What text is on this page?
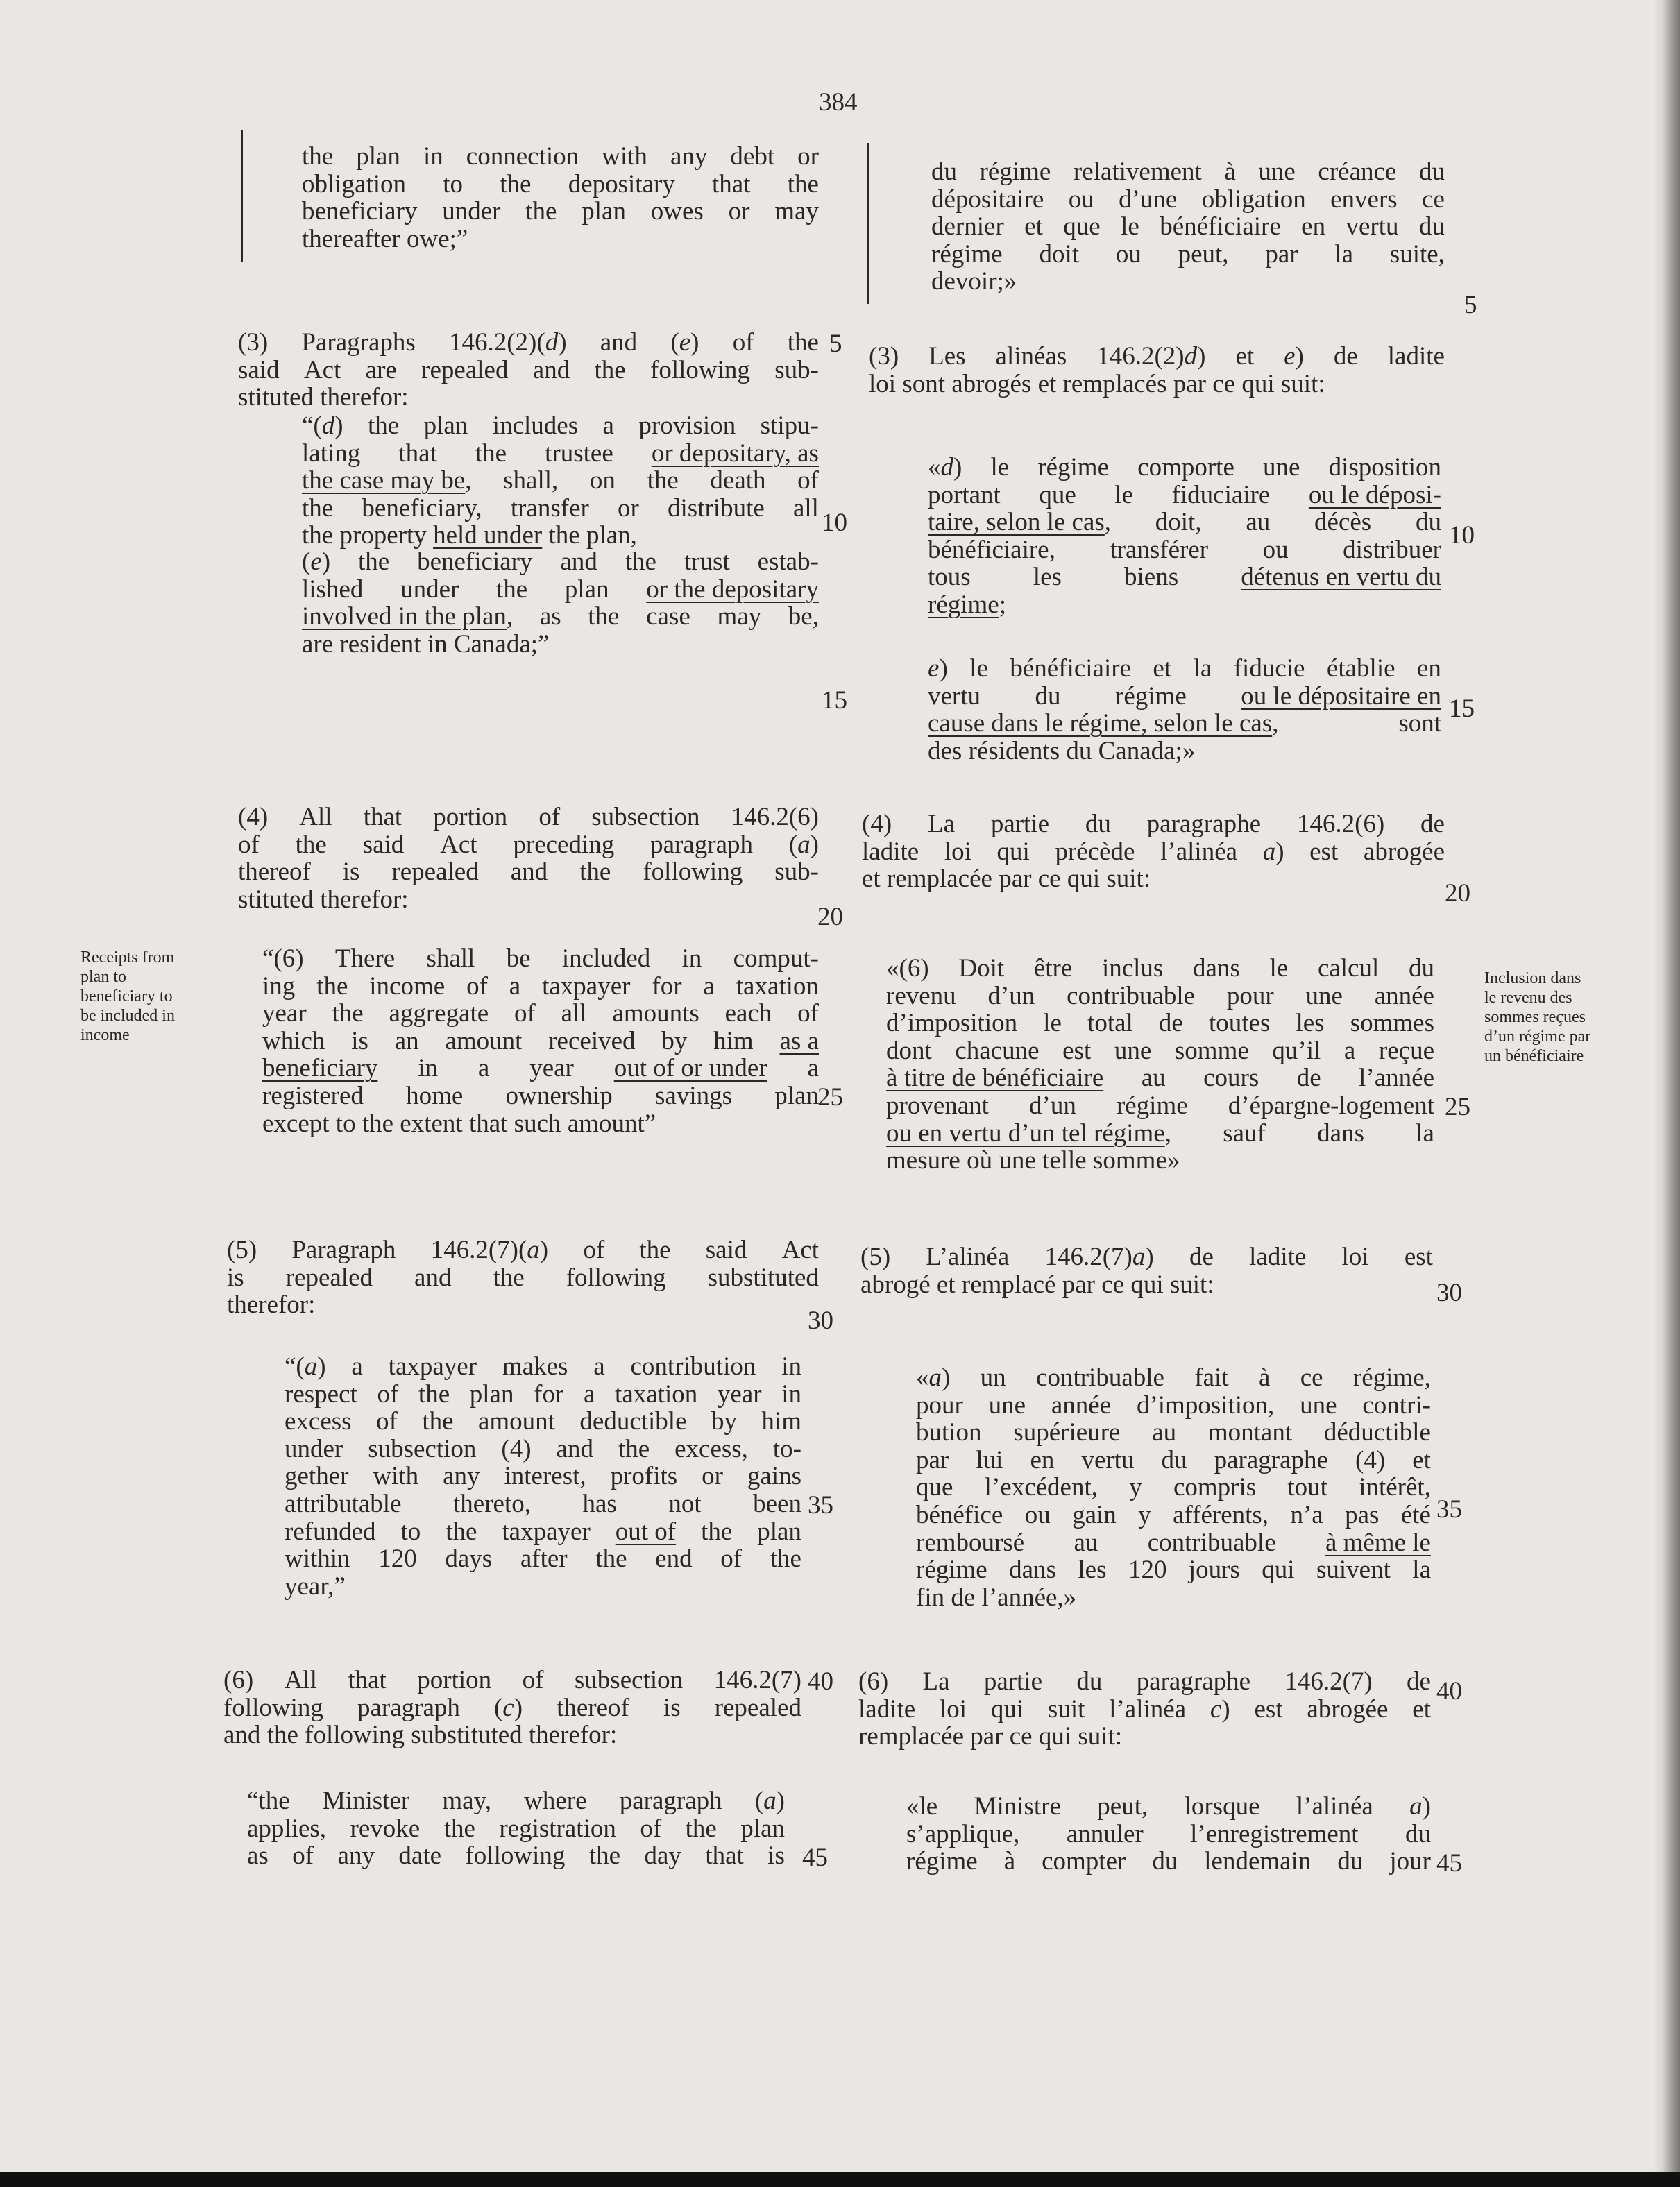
384
Receipts from
plan to
beneficiary to
be included in
income
Inclusion dans
le revenu des
sommes reçues
d’un régime par
un bénéficiaire
the plan in connection with any debt or
obligation to the depositary that the
beneficiary under the plan owes or may
thereafter
owe;”

(3) Paragraphs 146.2(2)(d) and (e) of the
said Act are repealed and the following sub-
stituted
therefor:

“(d) the plan includes a provision stipu-
lating that the trustee or depositary, as
the case may be, shall, on the death of
the beneficiary, transfer or distribute all
the
property
held under
the
plan,

(e) the beneficiary and the trust estab-
lished under the plan or the depositary
involved in the plan, as the case may be,
are
resident
in
Canada;”

(4) All that portion of subsection 146.2(6)
of the said Act preceding paragraph (a)
thereof is repealed and the following sub-
stituted
therefor:

“(6) There shall be included in comput-
ing the income of a taxpayer for a taxation
year the aggregate of all amounts each of
which is an amount received by him as a
beneficiary in a year out of or under a
registered home ownership savings plan
except
to
the
extent
that
such
amount”

(5) Paragraph 146.2(7)(a) of the said Act
is repealed and the following substituted
therefor:

“(a) a taxpayer makes a contribution in
respect of the plan for a taxation year in
excess of the amount deductible by him
under subsection (4) and the excess, to-
gether with any interest, profits or gains
attributable thereto, has not been
refunded to the taxpayer out of the plan
within 120 days after the end of the
year,”

(6) All that portion of subsection 146.2(7)
following paragraph (c) thereof is repealed
and
the
following
substituted
therefor:

“the Minister may, where paragraph (a)
applies, revoke the registration of the plan
as of any date following the day that is
du régime relativement à une créance du
dépositaire ou d’une obligation envers ce
dernier et que le bénéficiaire en vertu du
régime doit ou peut, par la suite,
devoir;»

(3) Les alinéas 146.2(2)d) et e) de ladite
loi
sont
abrogés
et
remplacés
par
ce
qui
suit:

«d) le régime comporte une disposition
portant que le fiduciaire ou le déposi-
taire, selon le cas, doit, au décès du
bénéficiaire, transférer ou distribuer
tous les biens détenus en vertu du
régime;

e) le bénéficiaire et la fiducie établie en
vertu du régime ou le dépositaire en
cause dans le régime, selon le cas,	sont
des
résidents
du
Canada;»

(4) La partie du paragraphe 146.2(6) de
ladite loi qui précède l’alinéa a) est abrogée
et
remplacée
par
ce
qui
suit:

«(6) Doit être inclus dans le calcul du
revenu d’un contribuable pour une année
d’imposition le total de toutes les sommes
dont chacune est une somme qu’il a reçue
à titre de bénéficiaire au cours de l’année
provenant d’un régime d’épargne-logement
ou en vertu d’un tel régime, sauf dans la
mesure
où
une
telle
somme»

(5) L’alinéa 146.2(7)a) de ladite loi est
abrogé
et
remplacé
par
ce
qui
suit:

«a) un contribuable fait à ce régime,
pour une année d’imposition, une contri-
bution supérieure au montant déductible
par lui en vertu du paragraphe (4) et
que l’excédent, y compris tout intérêt,
bénéfice ou gain y afférents, n’a pas été
remboursé au contribuable à même le
régime dans les 120 jours qui suivent la
fin
de
l’année,»

(6) La partie du paragraphe 146.2(7) de
ladite loi qui suit l’alinéa c) est abrogée et
remplacée
par
ce
qui
suit:

«le Ministre peut, lorsque l’alinéa a)
s’applique, annuler l’enregistrement du
régime à compter du lendemain du jour
5
10
15
20
25
30
35
40
45
5
10
15
20
25
30
35
40
45
